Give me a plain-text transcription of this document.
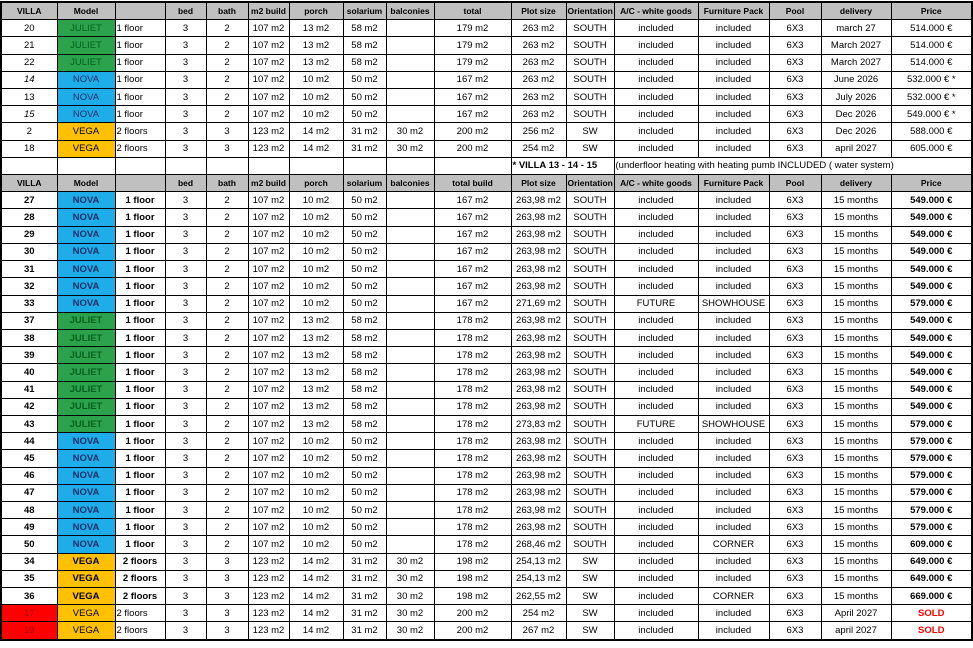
VILLA	Model		bed	bath	m2 build	porch	solarium	balconies	total	Plot size	Orientation	A/C - white goods	Furniture Pack	Pool	delivery	Price
20	JULIET	1 floor	3	2	107 m2	13 m2	58 m2		179 m2	263 m2	SOUTH	included	included	6X3	march 27	514.000 €
21	JULIET	1 floor	3	2	107 m2	13 m2	58 m2		179 m2	263 m2	SOUTH	included	included	6X3	March 2027	514.000 €
22	JULIET	1 floor	3	2	107 m2	13 m2	58 m2		179 m2	263 m2	SOUTH	included	included	6X3	March 2027	514.000 €
14	NOVA	1 floor	3	2	107 m2	10 m2	50 m2		167 m2	263 m2	SOUTH	included	included	6X3	June 2026	532.000 € *
13	NOVA	1 floor	3	2	107 m2	10 m2	50 m2		167 m2	263 m2	SOUTH	included	included	6X3	July 2026	532.000 € *
15	NOVA	1 floor	3	2	107 m2	10 m2	50 m2		167 m2	263 m2	SOUTH	included	included	6X3	Dec 2026	549.000 € *
2	VEGA	2 floors	3	3	123 m2	14 m2	31 m2	30 m2	200 m2	256 m2	SW	included	included	6X3	Dec 2026	588.000 €
18	VEGA	2 floors	3	3	123 m2	14 m2	31 m2	30 m2	200 m2	254 m2	SW	included	included	6X3	april 2027	605.000 €
										* VILLA 13 - 14 - 15		(underfloor heating with heating pumb INCLUDED ( water system)				
VILLA	Model		bed	bath	m2 build	porch	solarium	balconies	total build	Plot size	Orientation	A/C - white goods	Furniture Pack	Pool	delivery	Price
27	NOVA	1 floor	3	2	107 m2	10 m2	50 m2		167 m2	263,98 m2	SOUTH	included	included	6X3	15 months	549.000 €
28	NOVA	1 floor	3	2	107 m2	10 m2	50 m2		167 m2	263,98 m2	SOUTH	included	included	6X3	15 months	549.000 €
29	NOVA	1 floor	3	2	107 m2	10 m2	50 m2		167 m2	263,98 m2	SOUTH	included	included	6X3	15 months	549.000 €
30	NOVA	1 floor	3	2	107 m2	10 m2	50 m2		167 m2	263,98 m2	SOUTH	included	included	6X3	15 months	549.000 €
31	NOVA	1 floor	3	2	107 m2	10 m2	50 m2		167 m2	263,98 m2	SOUTH	included	included	6X3	15 months	549.000 €
32	NOVA	1 floor	3	2	107 m2	10 m2	50 m2		167 m2	263,98 m2	SOUTH	included	included	6X3	15 months	549.000 €
33	NOVA	1 floor	3	2	107 m2	10 m2	50 m2		167 m2	271,69 m2	SOUTH	FUTURE	SHOWHOUSE	6X3	15 months	579.000 €
37	JULIET	1 floor	3	2	107 m2	13 m2	58 m2		178 m2	263,98 m2	SOUTH	included	included	6X3	15 months	549.000 €
38	JULIET	1 floor	3	2	107 m2	13 m2	58 m2		178 m2	263,98 m2	SOUTH	included	included	6X3	15 months	549.000 €
39	JULIET	1 floor	3	2	107 m2	13 m2	58 m2		178 m2	263,98 m2	SOUTH	included	included	6X3	15 months	549.000 €
40	JULIET	1 floor	3	2	107 m2	13 m2	58 m2		178 m2	263,98 m2	SOUTH	included	included	6X3	15 months	549.000 €
41	JULIET	1 floor	3	2	107 m2	13 m2	58 m2		178 m2	263,98 m2	SOUTH	included	included	6X3	15 months	549.000 €
42	JULIET	1 floor	3	2	107 m2	13 m2	58 m2		178 m2	263,98 m2	SOUTH	included	included	6X3	15 months	549.000 €
43	JULIET	1 floor	3	2	107 m2	13 m2	58 m2		178 m2	273,83 m2	SOUTH	FUTURE	SHOWHOUSE	6X3	15 months	579.000 €
44	NOVA	1 floor	3	2	107 m2	10 m2	50 m2		178 m2	263,98 m2	SOUTH	included	included	6X3	15 months	579.000 €
45	NOVA	1 floor	3	2	107 m2	10 m2	50 m2		178 m2	263,98 m2	SOUTH	included	included	6X3	15 months	579.000 €
46	NOVA	1 floor	3	2	107 m2	10 m2	50 m2		178 m2	263,98 m2	SOUTH	included	included	6X3	15 months	579.000 €
47	NOVA	1 floor	3	2	107 m2	10 m2	50 m2		178 m2	263,98 m2	SOUTH	included	included	6X3	15 months	579.000 €
48	NOVA	1 floor	3	2	107 m2	10 m2	50 m2		178 m2	263,98 m2	SOUTH	included	included	6X3	15 months	579.000 €
49	NOVA	1 floor	3	2	107 m2	10 m2	50 m2		178 m2	263,98 m2	SOUTH	included	included	6X3	15 months	579.000 €
50	NOVA	1 floor	3	2	107 m2	10 m2	50 m2		178 m2	268,46 m2	SOUTH	included	CORNER	6X3	15 months	609.000 €
34	VEGA	2 floors	3	3	123 m2	14 m2	31 m2	30 m2	198 m2	254,13 m2	SW	included	included	6X3	15 months	649.000 €
35	VEGA	2 floors	3	3	123 m2	14 m2	31 m2	30 m2	198 m2	254,13 m2	SW	included	included	6X3	15 months	649.000 €
36	VEGA	2 floors	3	3	123 m2	14 m2	31 m2	30 m2	198 m2	262,55 m2	SW	included	CORNER	6X3	15 months	669.000 €
17	VEGA	2 floors	3	3	123 m2	14 m2	31 m2	30 m2	200 m2	254 m2	SW	included	included	6X3	April 2027	SOLD
19	VEGA	2 floors	3	3	123 m2	14 m2	31 m2	30 m2	200 m2	267 m2	SW	included	included	6X3	april 2027	SOLD
